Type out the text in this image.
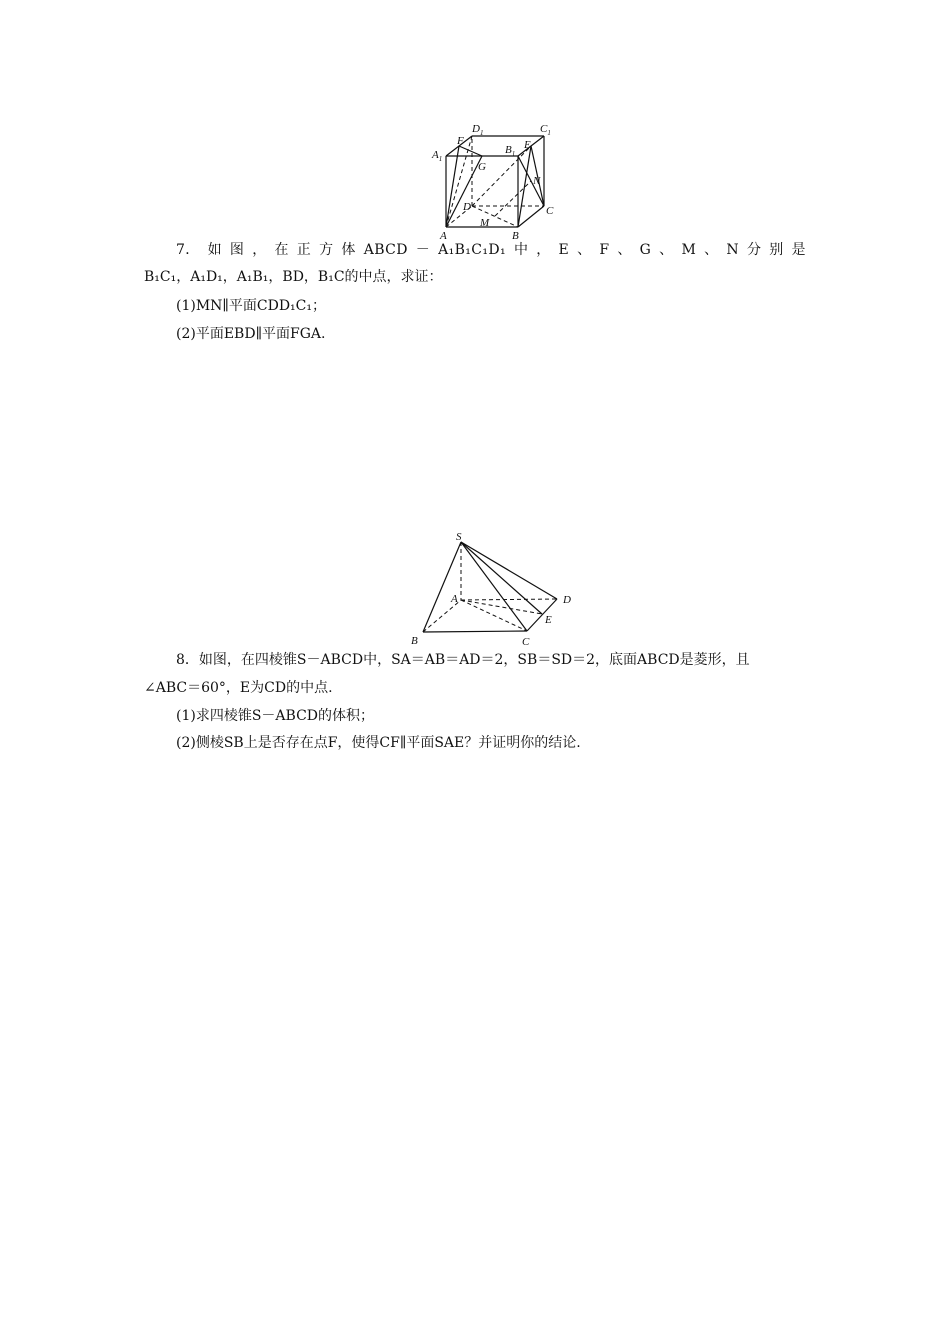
$A_1$
F
$D_1$	$C_1$
$B_1$
E
G
N
D
M
C
A	B
7． 如 图 ， 在 正 方 体 ABCD － A₁B₁C₁D₁ 中 ， E 、 F 、 G 、 M 、 N 分 别 是
B₁C₁，A₁D₁，A₁B₁，BD，B₁C的中点，求证：
(1)MN∥平面CDD₁C₁；
(2)平面EBD∥平面FGA.
S
A	D
E
C
B
8．如图，在四棱锥S－ABCD中，SA＝AB＝AD＝2，SB＝SD＝2，底面ABCD是菱形，且
∠ABC＝60°，E为CD的中点.
(1)求四棱锥S－ABCD的体积；
(2)侧棱SB上是否存在点F，使得CF∥平面SAE？并证明你的结论.
